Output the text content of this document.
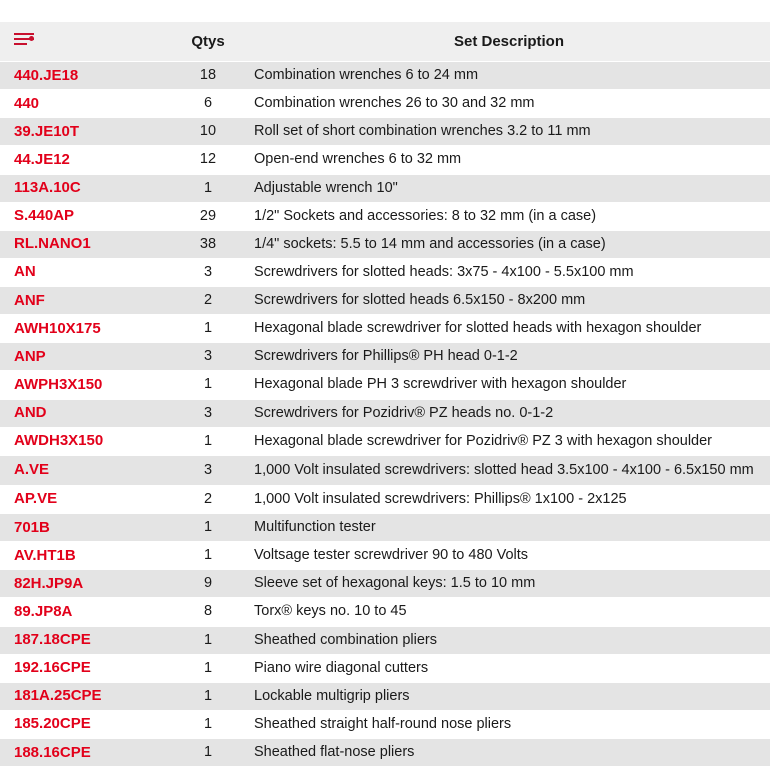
	Qtys	Set Description
440.JE18	18	Combination wrenches 6 to 24 mm
440	6	Combination wrenches 26 to 30 and 32 mm
39.JE10T	10	Roll set of short combination wrenches 3.2 to 11 mm
44.JE12	12	Open-end wrenches 6 to 32 mm
113A.10C	1	Adjustable wrench 10"
S.440AP	29	1/2" Sockets and accessories: 8 to 32 mm (in a case)
RL.NANO1	38	1/4" sockets: 5.5 to 14 mm and accessories (in a case)
AN	3	Screwdrivers for slotted heads: 3x75 - 4x100 - 5.5x100 mm
ANF	2	Screwdrivers for slotted heads 6.5x150 - 8x200 mm
AWH10X175	1	Hexagonal blade screwdriver for slotted heads with hexagon shoulder
ANP	3	Screwdrivers for Phillips® PH head 0-1-2
AWPH3X150	1	Hexagonal blade PH 3 screwdriver with hexagon shoulder
AND	3	Screwdrivers for Pozidriv® PZ heads no. 0-1-2
AWDH3X150	1	Hexagonal blade screwdriver for Pozidriv® PZ 3 with hexagon shoulder
A.VE	3	1,000 Volt insulated screwdrivers: slotted head 3.5x100 - 4x100 - 6.5x150 mm
AP.VE	2	1,000 Volt insulated screwdrivers: Phillips® 1x100 - 2x125
701B	1	Multifunction tester
AV.HT1B	1	Voltsage tester screwdriver 90 to 480 Volts
82H.JP9A	9	Sleeve set of hexagonal keys: 1.5 to 10 mm
89.JP8A	8	Torx® keys no. 10 to 45
187.18CPE	1	Sheathed combination pliers
192.16CPE	1	Piano wire diagonal cutters
181A.25CPE	1	Lockable multigrip pliers
185.20CPE	1	Sheathed straight half-round nose pliers
188.16CPE	1	Sheathed flat-nose pliers
